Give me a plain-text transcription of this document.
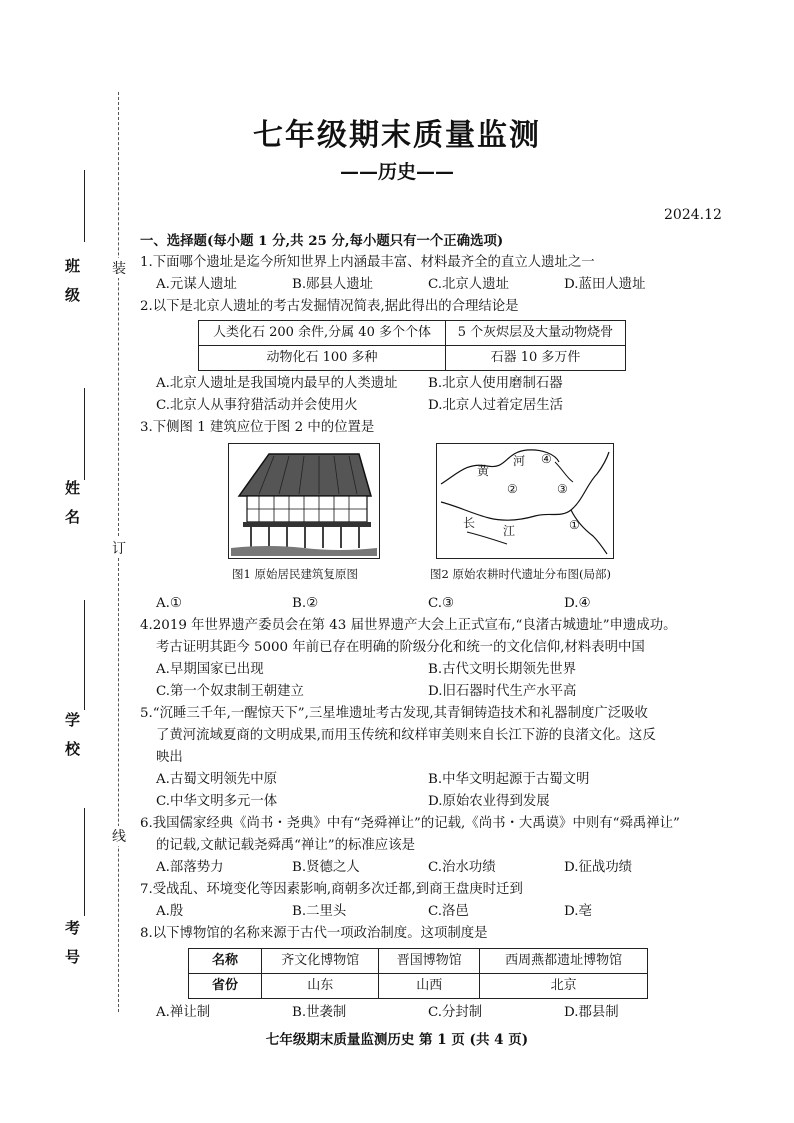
班级
姓名
学校
考号
装
订
线
七年级期末质量监测
——历史——
2024.12
一、选择题(每小题 1 分,共 25 分,每小题只有一个正确选项)
1.下面哪个遗址是迄今所知世界上内涵最丰富、材料最齐全的直立人遗址之一
A.元谋人遗址	B.郧县人遗址	C.北京人遗址	D.蓝田人遗址
2.以下是北京人遗址的考古发掘情况简表,据此得出的合理结论是
人类化石 200 余件,分属 40 多个个体	5 个灰烬层及大量动物烧骨
动物化石 100 多种	石器 10 多万件
A.北京人遗址是我国境内最早的人类遗址	B.北京人使用磨制石器
C.北京人从事狩猎活动并会使用火	D.北京人过着定居生活
3.下侧图 1 建筑应位于图 2 中的位置是
黄
河
长
江	①
②	③
④
图1 原始居民建筑复原图	图2 原始农耕时代遗址分布图(局部)
A.①	B.②	C.③	D.④
4.2019 年世界遗产委员会在第 43 届世界遗产大会上正式宣布,“良渚古城遗址”申遗成功。
考古证明其距今 5000 年前已存在明确的阶级分化和统一的文化信仰,材料表明中国
A.早期国家已出现	B.古代文明长期领先世界
C.第一个奴隶制王朝建立	D.旧石器时代生产水平高
5.“沉睡三千年,一醒惊天下”,三星堆遗址考古发现,其青铜铸造技术和礼器制度广泛吸收
了黄河流域夏商的文明成果,而用玉传统和纹样审美则来自长江下游的良渚文化。这反
映出
A.古蜀文明领先中原	B.中华文明起源于古蜀文明
C.中华文明多元一体	D.原始农业得到发展
6.我国儒家经典《尚书・尧典》中有“尧舜禅让”的记载,《尚书・大禹谟》中则有“舜禹禅让”
的记载,文献记载尧舜禹“禅让”的标准应该是
A.部落势力	B.贤德之人	C.治水功绩	D.征战功绩
7.受战乱、环境变化等因素影响,商朝多次迁都,到商王盘庚时迁到
A.殷	B.二里头	C.洛邑	D.亳
8.以下博物馆的名称来源于古代一项政治制度。这项制度是
名称	齐文化博物馆	晋国博物馆	西周燕都遗址博物馆
省份	山东	山西	北京
A.禅让制	B.世袭制	C.分封制	D.郡县制
七年级期末质量监测历史 第 1 页 (共 4 页)
